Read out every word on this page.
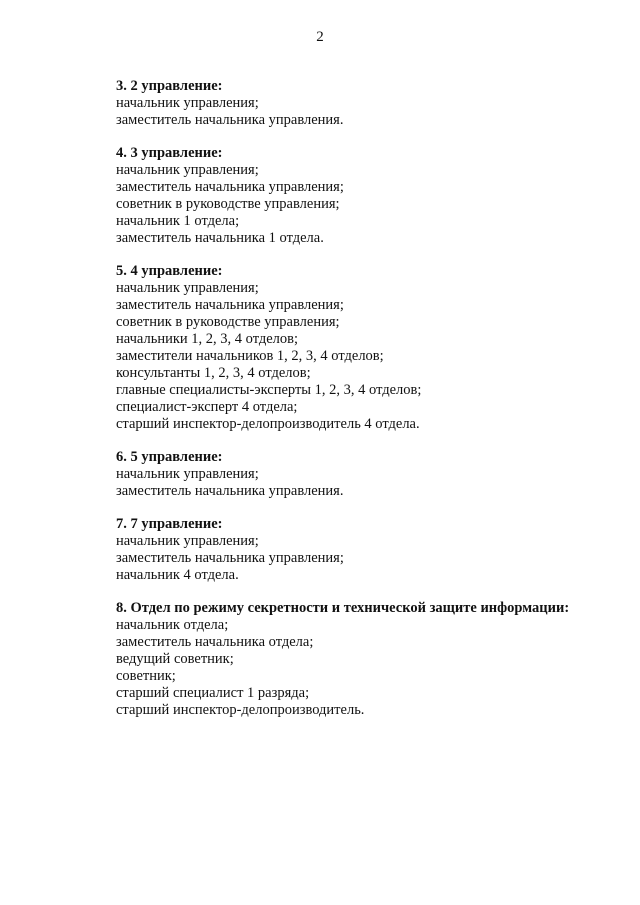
2
3. 2 управление:
начальник управления;
заместитель начальника управления.
4. 3 управление:
начальник управления;
заместитель начальника управления;
советник в руководстве управления;
начальник 1 отдела;
заместитель начальника 1 отдела.
5. 4 управление:
начальник управления;
заместитель начальника управления;
советник в руководстве управления;
начальники 1, 2, 3, 4 отделов;
заместители начальников 1, 2, 3, 4 отделов;
консультанты 1, 2, 3, 4 отделов;
главные специалисты-эксперты 1, 2, 3, 4 отделов;
специалист-эксперт 4 отдела;
старший инспектор-делопроизводитель 4 отдела.
6. 5 управление:
начальник управления;
заместитель начальника управления.
7. 7 управление:
начальник управления;
заместитель начальника управления;
начальник 4 отдела.
8. Отдел по режиму секретности и технической защите информации:
начальник отдела;
заместитель начальника отдела;
ведущий советник;
советник;
старший специалист 1 разряда;
старший инспектор-делопроизводитель.
